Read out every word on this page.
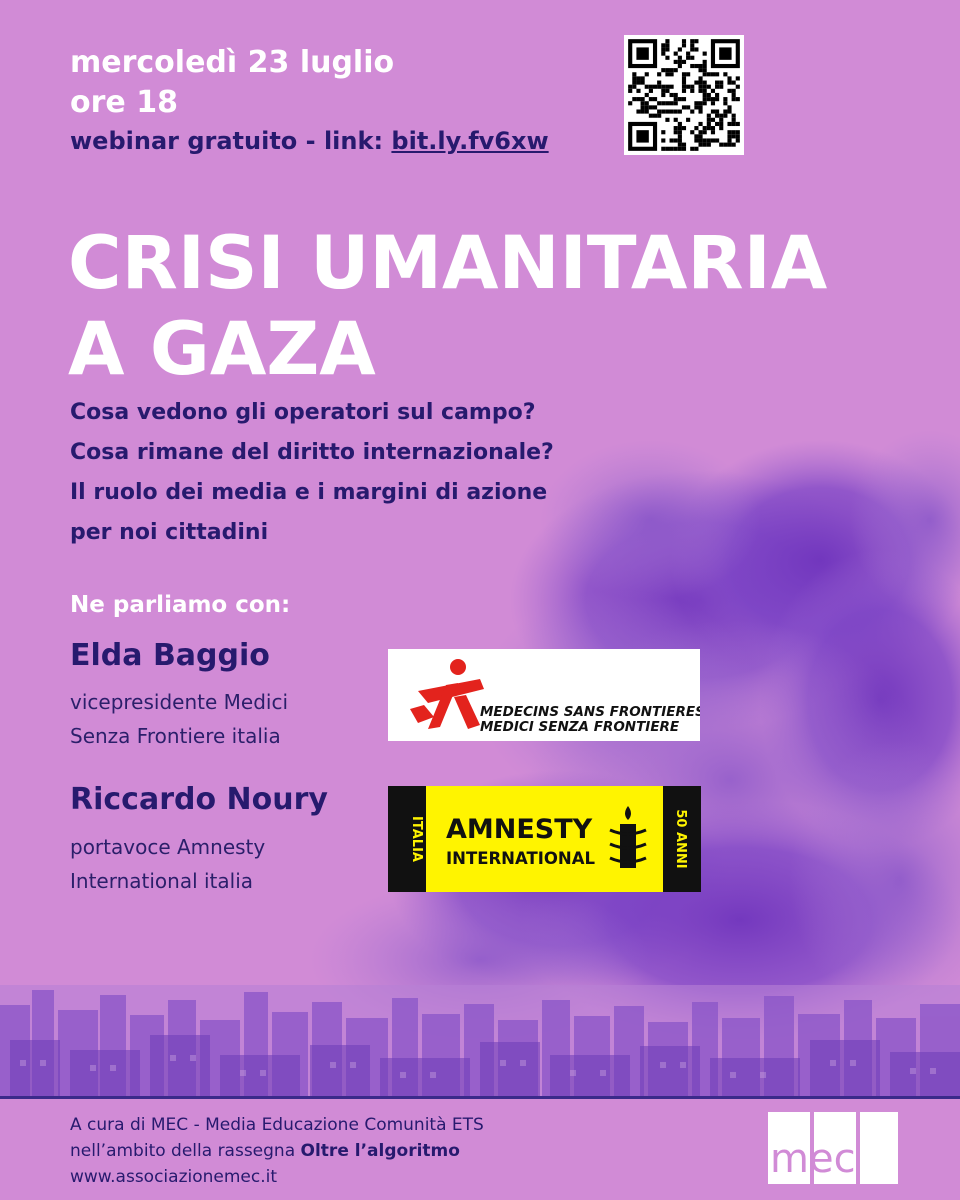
mercoledì 23 luglio

ore 18

webinar gratuito - link: bit.ly.fv6xw

CRISI UMANITARIA
A GAZA

Cosa vedono gli operatori sul campo?

Cosa rimane del diritto internazionale?

Il ruolo dei media e i margini di azione

per noi cittadini

Ne parliamo con:

Elda Baggio

vicepresidente Medici

Senza Frontiere italia

Riccardo Noury

portavoce Amnesty

International italia

MEDECINS SANS FRONTIERES
MEDICI SENZA FRONTIERE
ITALIA	50 ANNI
AMNESTY
INTERNATIONAL

A cura di MEC - Media Educazione Comunità ETS

nell’ambito della rassegna Oltre l’algoritmo

www.associazionemec.it	mec
